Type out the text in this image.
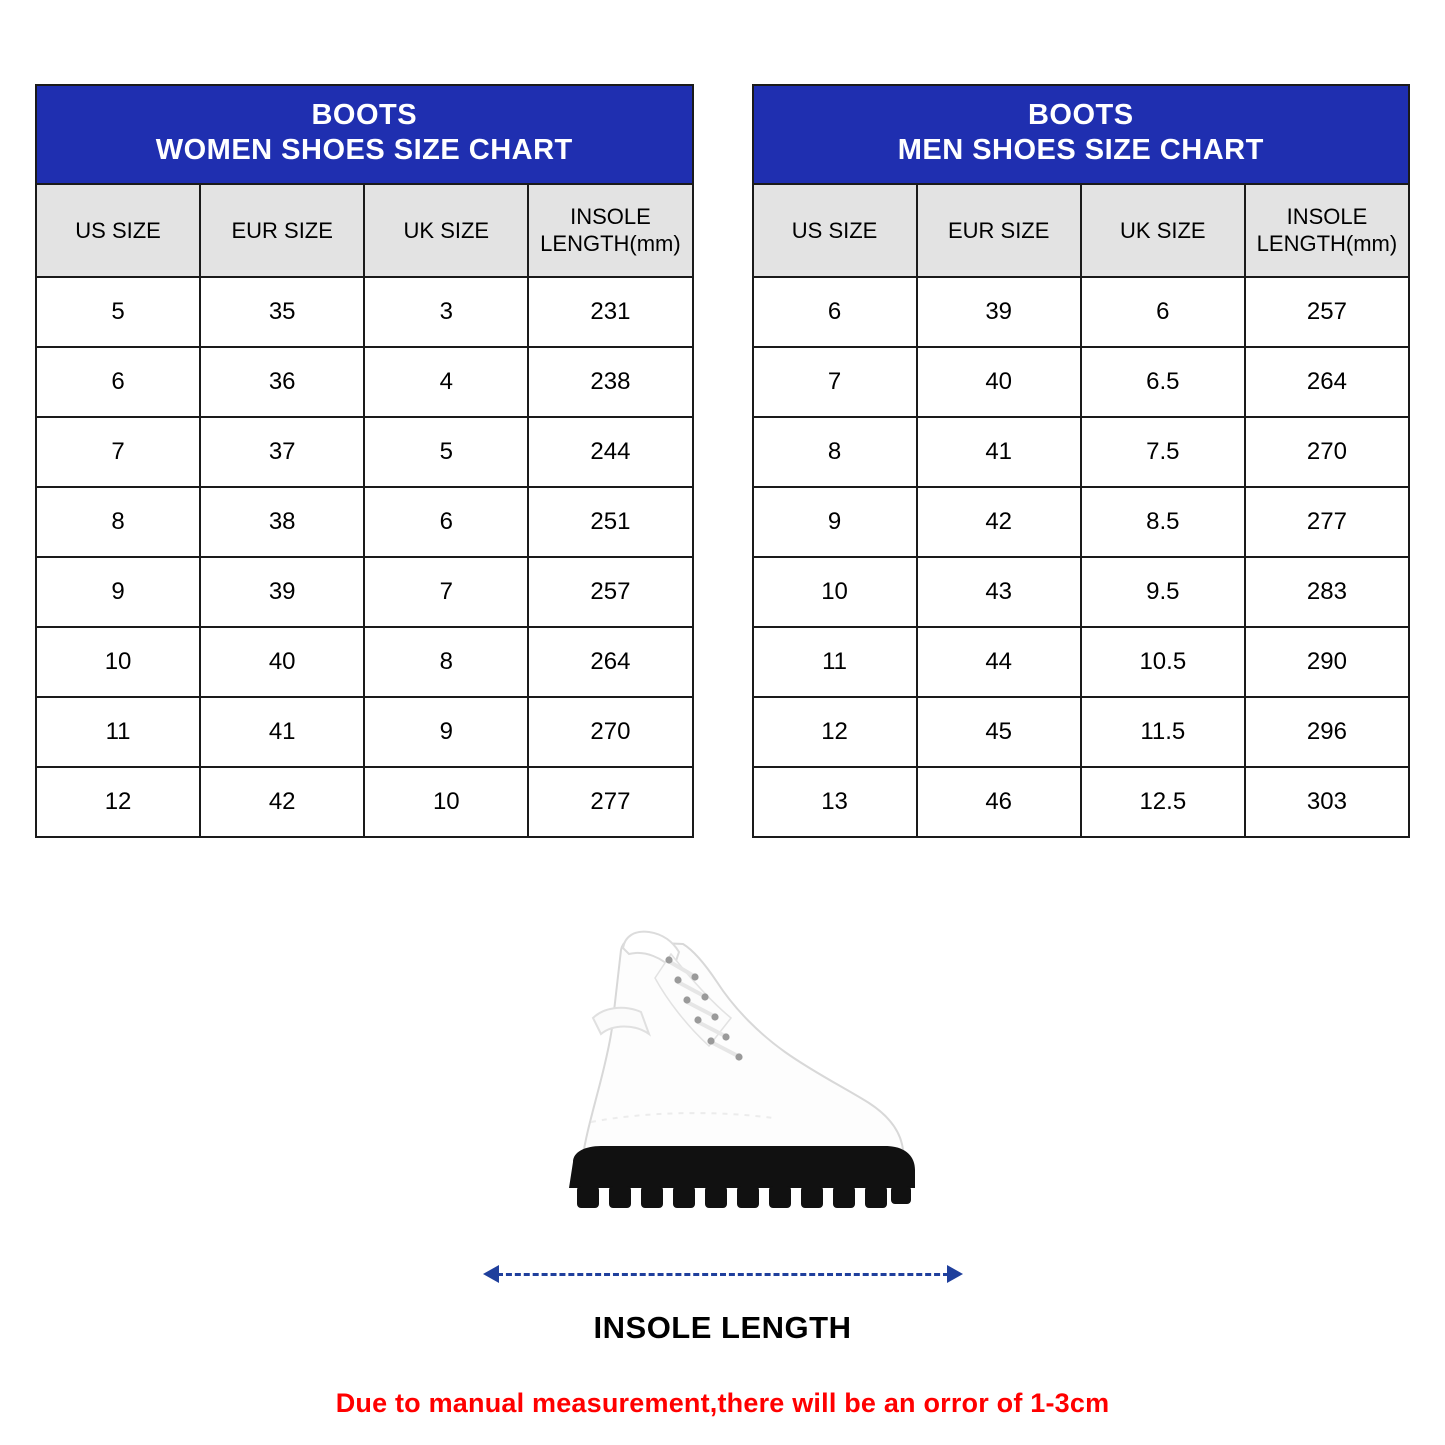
BOOTS
WOMEN SHOES SIZE CHART			

US SIZE	EUR SIZE	UK SIZE	INSOLE
LENGTH(mm)

5	35	3	231
6	36	4	238
7	37	5	244
8	38	6	251
9	39	7	257
10	40	8	264
11	41	9	270
12	42	10	277
BOOTS
MEN SHOES SIZE CHART			

US SIZE	EUR SIZE	UK SIZE	INSOLE
LENGTH(mm)

6	39	6	257
7	40	6.5	264
8	41	7.5	270
9	42	8.5	277
10	43	9.5	283
11	44	10.5	290
12	45	11.5	296
13	46	12.5	303
INSOLE LENGTH
Due to manual measurement,there will be an orror of 1-3cm
